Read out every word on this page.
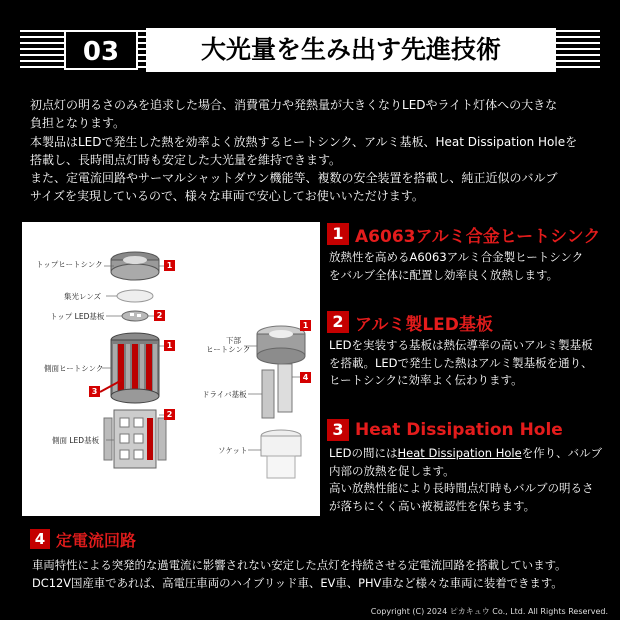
03	大光量を生み出す先進技術

初点灯の明るさのみを追求した場合、消費電力や発熱量が大きくなりLEDやライト灯体への大きな

負担となります。

本製品はLEDで発生した熱を効率よく放熱するヒートシンク、アルミ基板、Heat Dissipation Holeを

搭載し、長時間点灯時も安定した大光量を維持できます。

また、定電流回路やサーマルシャットダウン機能等、複数の安全装置を搭載し、純正近似のバルブ

サイズを実現しているので、様々な車両で安心してお使いいただけます。

トップヒートシンク
集光レンズ
トップ LED基板
側面ヒートシンク
側面 LED基板
下部
ヒートシンク
ドライバ基板
ソケット
1
2
1
3
2
1
4
1 A6063アルミ合金ヒートシンク

放熱性を高めるA6063アルミ合金製ヒートシンク

をバルブ全体に配置し効率良く放熱します。

2 アルミ製LED基板

LEDを実装する基板は熱伝導率の高いアルミ製基板

を搭載。LEDで発生した熱はアルミ製基板を通り、

ヒートシンクに効率よく伝わります。

3 Heat Dissipation Hole

LEDの間にはHeat Dissipation Holeを作り、バルブ

内部の放熱を促します。

高い放熱性能により長時間点灯時もバルブの明るさ

が落ちにくく高い被視認性を保ちます。

4 定電流回路

車両特性による突発的な過電流に影響されない安定した点灯を持続させる定電流回路を搭載しています。

DC12V国産車であれば、高電圧車両のハイブリッド車、EV車、PHV車など様々な車両に装着できます。

Copyright (C) 2024 ピカキュウ Co., Ltd. All Rights Reserved.
